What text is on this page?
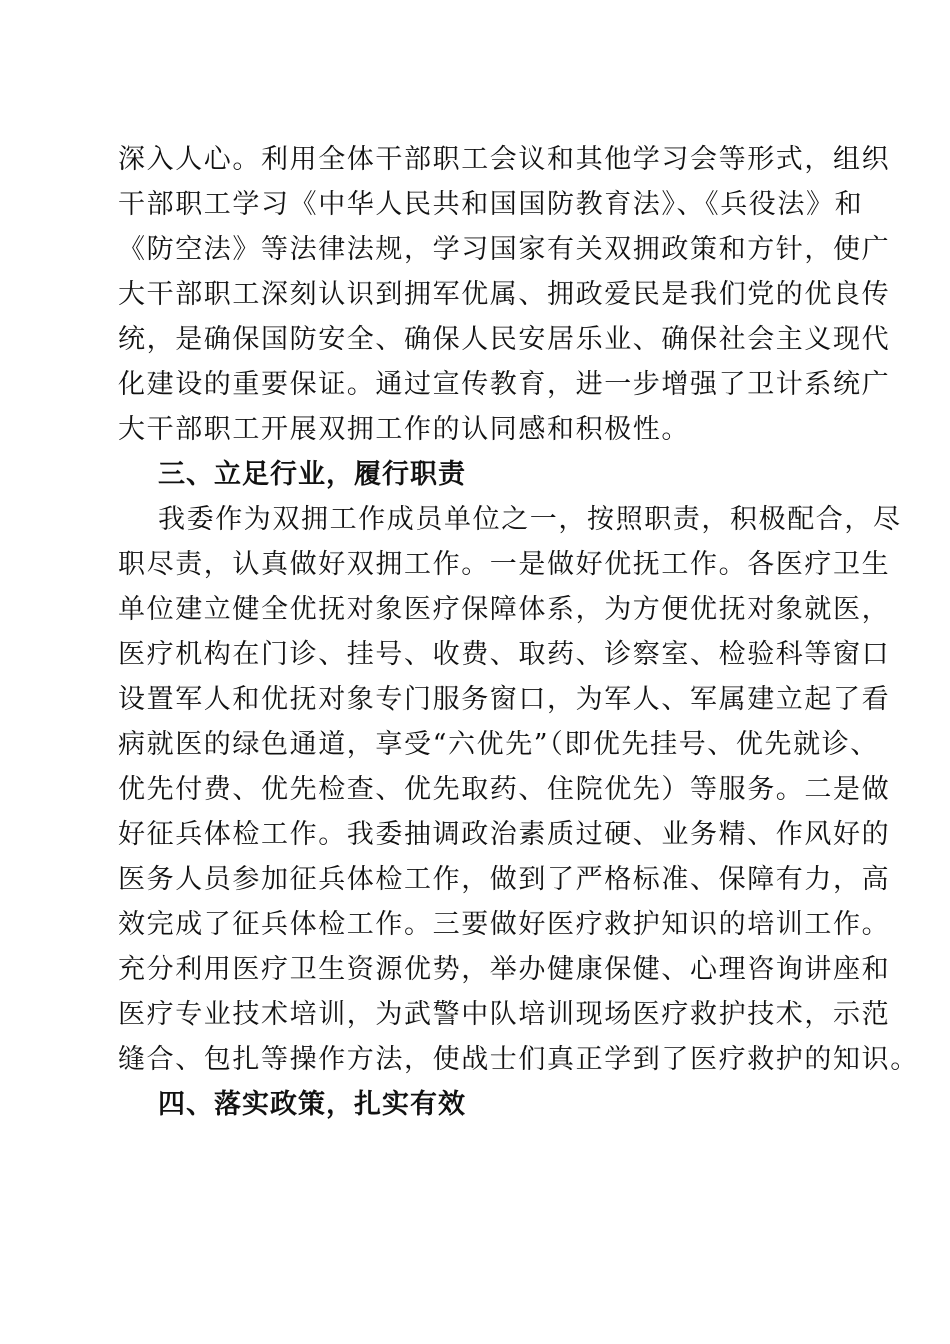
深入人心。利用全体干部职工会议和其他学习会等形式，组织
干部职工学习《中华人民共和国国防教育法》、《兵役法》和
《防空法》等法律法规，学习国家有关双拥政策和方针，使广
大干部职工深刻认识到拥军优属、拥政爱民是我们党的优良传
统，是确保国防安全、确保人民安居乐业、确保社会主义现代
化建设的重要保证。通过宣传教育，进一步增强了卫计系统广
大干部职工开展双拥工作的认同感和积极性。
三、立足行业，履行职责
我委作为双拥工作成员单位之一，按照职责，积极配合，尽
职尽责，认真做好双拥工作。一是做好优抚工作。各医疗卫生
单位建立健全优抚对象医疗保障体系，为方便优抚对象就医，
医疗机构在门诊、挂号、收费、取药、诊察室、检验科等窗口
设置军人和优抚对象专门服务窗口，为军人、军属建立起了看
病就医的绿色通道，享受“六优先”（即优先挂号、优先就诊、
优先付费、优先检查、优先取药、住院优先）等服务。二是做
好征兵体检工作。我委抽调政治素质过硬、业务精、作风好的
医务人员参加征兵体检工作，做到了严格标准、保障有力，高
效完成了征兵体检工作。三要做好医疗救护知识的培训工作。
充分利用医疗卫生资源优势，举办健康保健、心理咨询讲座和
医疗专业技术培训，为武警中队培训现场医疗救护技术，示范
缝合、包扎等操作方法，使战士们真正学到了医疗救护的知识。
四、落实政策，扎实有效
